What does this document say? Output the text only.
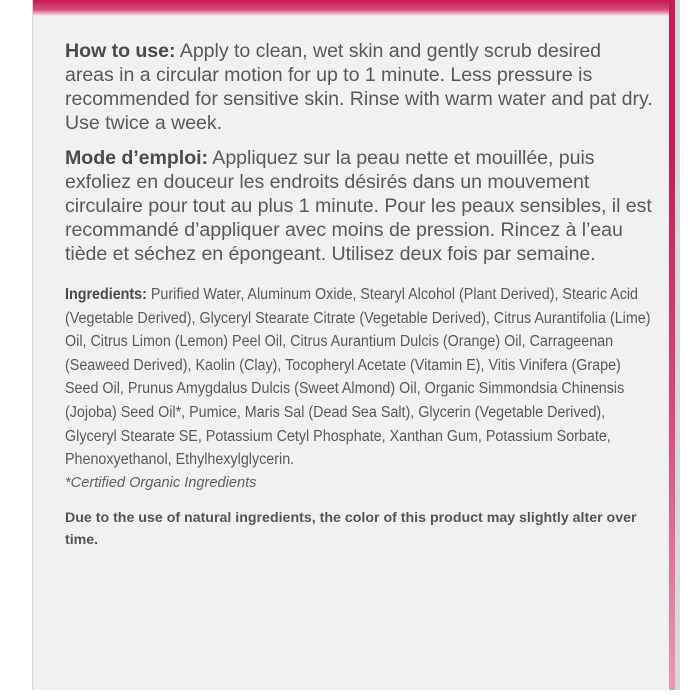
How to use: Apply to clean, wet skin and gently scrub desired areas in a circular motion for up to 1 minute. Less pressure is recommended for sensitive skin. Rinse with warm water and pat dry. Use twice a week.

Mode d’emploi: Appliquez sur la peau nette et mouillée, puis exfoliez en douceur les endroits désirés dans un mouvement circulaire pour tout au plus 1 minute. Pour les peaux sensibles, il est recommandé d’appliquer avec moins de pression. Rincez à l’eau tiède et séchez en épongeant. Utilisez deux fois par semaine.

Ingredients: Purified Water, Aluminum Oxide, Stearyl Alcohol (Plant Derived), Stearic Acid (Vegetable Derived), Glyceryl Stearate Citrate (Vegetable Derived), Citrus Aurantifolia (Lime) Oil, Citrus Limon (Lemon) Peel Oil, Citrus Aurantium Dulcis (Orange) Oil, Carrageenan (Seaweed Derived), Kaolin (Clay), Tocopheryl Acetate (Vitamin E), Vitis Vinifera (Grape) Seed Oil, Prunus Amygdalus Dulcis (Sweet Almond) Oil, Organic Simmondsia Chinensis (Jojoba) Seed Oil*, Pumice, Maris Sal (Dead Sea Salt), Glycerin (Vegetable Derived), Glyceryl Stearate SE, Potassium Cetyl Phosphate, Xanthan Gum, Potassium Sorbate, Phenoxyethanol, Ethylhexylglycerin.
*Certified Organic Ingredients
Due to the use of natural ingredients, the color of this product may slightly alter over time.
